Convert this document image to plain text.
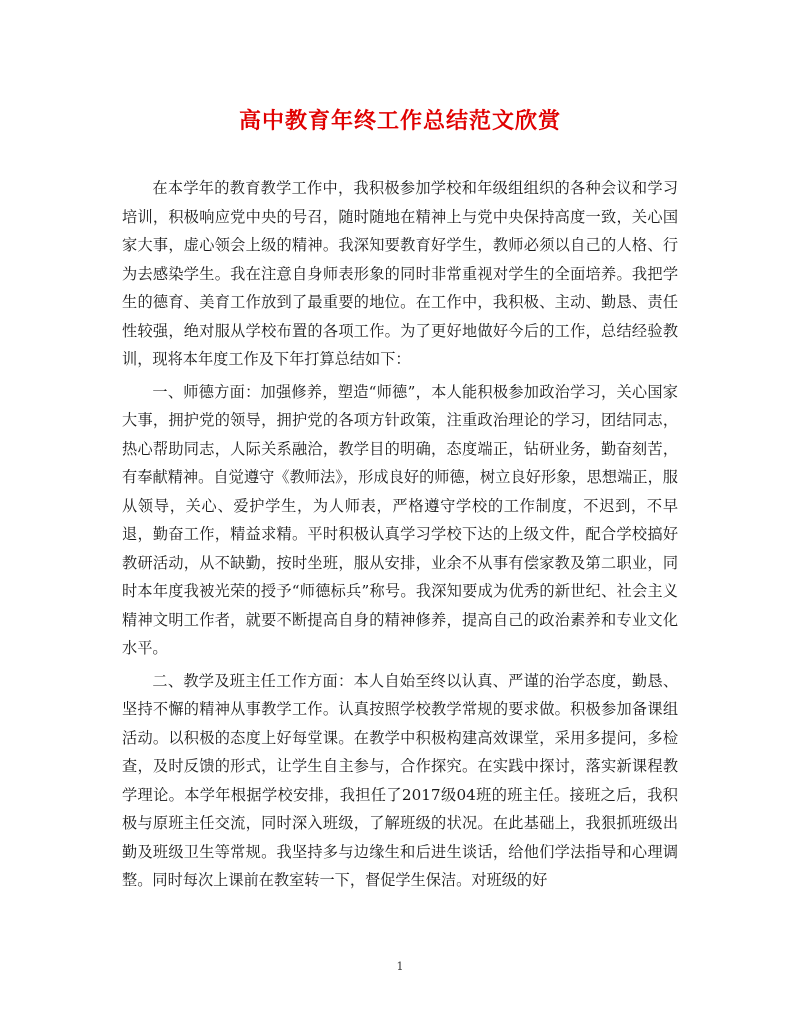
高中教育年终工作总结范文欣赏

在本学年的教育教学工作中，我积极参加学校和年级组组织的各种会议和学习培训，积极响应党中央的号召，随时随地在精神上与党中央保持高度一致，关心国家大事，虚心领会上级的精神。我深知要教育好学生，教师必须以自己的人格、行为去感染学生。我在注意自身师表形象的同时非常重视对学生的全面培养。我把学生的德育、美育工作放到了最重要的地位。在工作中，我积极、主动、勤恳、责任性较强，绝对服从学校布置的各项工作。为了更好地做好今后的工作，总结经验教训，现将本年度工作及下年打算总结如下：

一、师德方面：加强修养，塑造“师德”，本人能积极参加政治学习，关心国家大事，拥护党的领导，拥护党的各项方针政策，注重政治理论的学习，团结同志，热心帮助同志，人际关系融洽，教学目的明确，态度端正，钻研业务，勤奋刻苦，有奉献精神。自觉遵守《教师法》，形成良好的师德，树立良好形象，思想端正，服从领导，关心、爱护学生，为人师表，严格遵守学校的工作制度，不迟到，不早退，勤奋工作，精益求精。平时积极认真学习学校下达的上级文件，配合学校搞好教研活动，从不缺勤，按时坐班，服从安排，业余不从事有偿家教及第二职业，同时本年度我被光荣的授予“师德标兵”称号。我深知要成为优秀的新世纪、社会主义精神文明工作者，就要不断提高自身的精神修养，提高自己的政治素养和专业文化水平。

二、教学及班主任工作方面：本人自始至终以认真、严谨的治学态度，勤恳、坚持不懈的精神从事教学工作。认真按照学校教学常规的要求做。积极参加备课组活动。以积极的态度上好每堂课。在教学中积极构建高效课堂，采用多提问，多检查，及时反馈的形式，让学生自主参与，合作探究。在实践中探讨，落实新课程教学理论。本学年根据学校安排，我担任了2017级04班的班主任。接班之后，我积极与原班主任交流，同时深入班级，了解班级的状况。在此基础上，我狠抓班级出勤及班级卫生等常规。我坚持多与边缘生和后进生谈话，给他们学法指导和心理调整。同时每次上课前在教室转一下，督促学生保洁。对班级的好

1
